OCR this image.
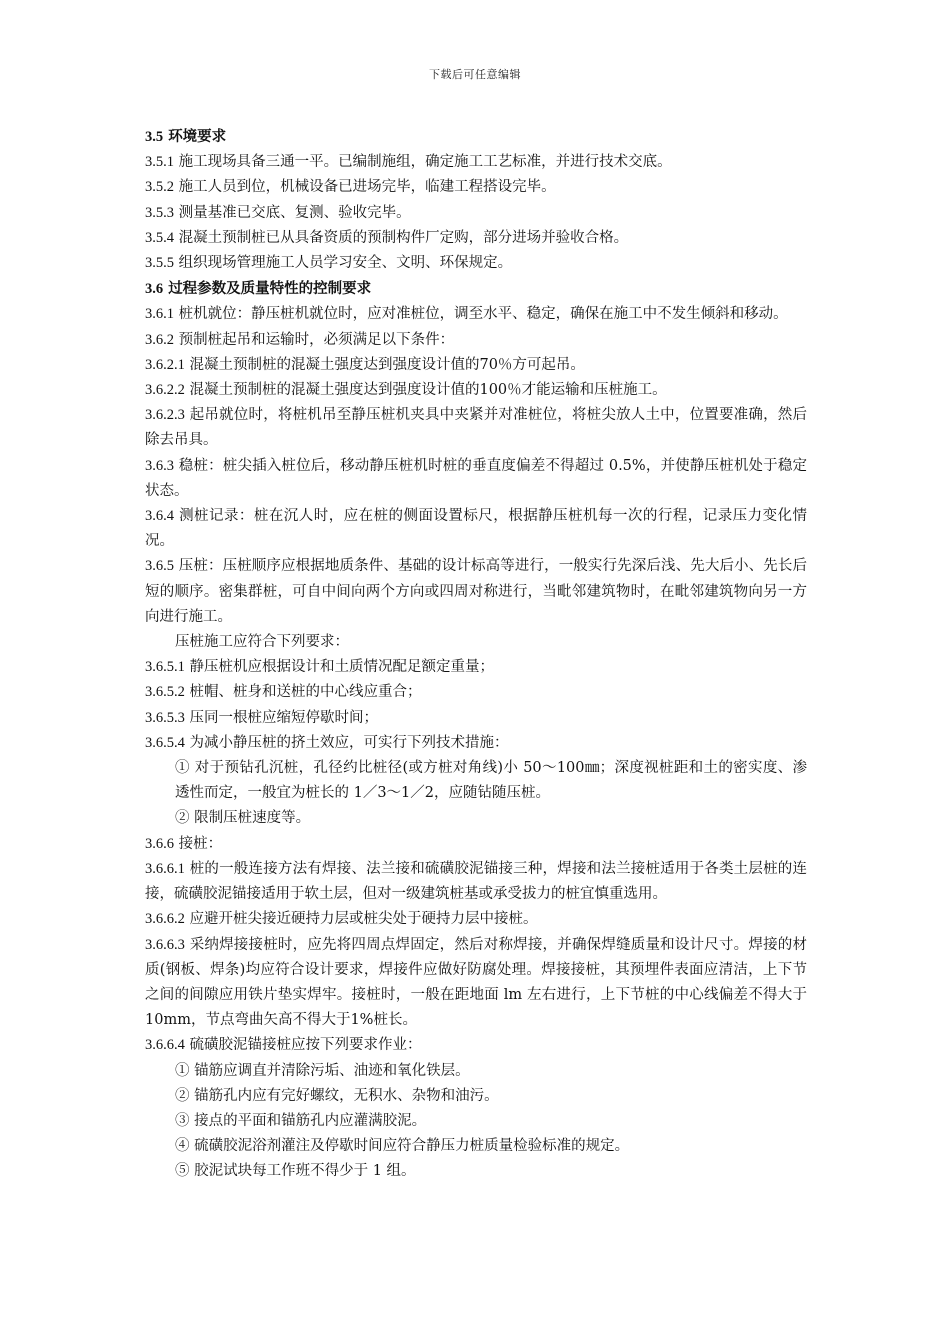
下载后可任意编辑
3.5 环境要求
3.5.1 施工现场具备三通一平。已编制施组，确定施工工艺标准，并进行技术交底。
3.5.2 施工人员到位，机械设备已进场完毕，临建工程搭设完毕。
3.5.3 测量基准已交底、复测、验收完毕。
3.5.4 混凝土预制桩已从具备资质的预制构件厂定购，部分进场并验收合格。
3.5.5 组织现场管理施工人员学习安全、文明、环保规定。
3.6 过程参数及质量特性的控制要求
3.6.1 桩机就位：静压桩机就位时，应对准桩位，调至水平、稳定，确保在施工中不发生倾斜和移动。
3.6.2 预制桩起吊和运输时，必须满足以下条件：
3.6.2.1 混凝土预制桩的混凝土强度达到强度设计值的70％方可起吊。
3.6.2.2 混凝土预制桩的混凝土强度达到强度设计值的100％才能运输和压桩施工。
3.6.2.3 起吊就位时，将桩机吊至静压桩机夹具中夹紧并对准桩位，将桩尖放人土中，位置要准确，然后除去吊具。
3.6.3 稳桩：桩尖插入桩位后，移动静压桩机时桩的垂直度偏差不得超过 0.5%，并使静压桩机处于稳定状态。
3.6.4 测桩记录：桩在沉人时，应在桩的侧面设置标尺，根据静压桩机每一次的行程，记录压力变化情况。
3.6.5 压桩：压桩顺序应根据地质条件、基础的设计标高等进行，一般实行先深后浅、先大后小、先长后短的顺序。密集群桩，可自中间向两个方向或四周对称进行，当毗邻建筑物时，在毗邻建筑物向另一方向进行施工。
压桩施工应符合下列要求：
3.6.5.1 静压桩机应根据设计和土质情况配足额定重量；
3.6.5.2 桩帽、桩身和送桩的中心线应重合；
3.6.5.3 压同一根桩应缩短停歇时间；
3.6.5.4 为减小静压桩的挤土效应，可实行下列技术措施：
① 对于预钻孔沉桩，孔径约比桩径(或方桩对角线)小 50～100㎜；深度视桩距和土的密实度、渗透性而定，一般宜为桩长的 1／3～1／2，应随钻随压桩。
② 限制压桩速度等。
3.6.6 接桩：
3.6.6.1 桩的一般连接方法有焊接、法兰接和硫磺胶泥锚接三种，焊接和法兰接桩适用于各类土层桩的连接，硫磺胶泥锚接适用于软土层，但对一级建筑桩基或承受拔力的桩宜慎重选用。
3.6.6.2 应避开桩尖接近硬持力层或桩尖处于硬持力层中接桩。
3.6.6.3 采纳焊接接桩时，应先将四周点焊固定，然后对称焊接，并确保焊缝质量和设计尺寸。焊接的材质(钢板、焊条)均应符合设计要求，焊接件应做好防腐处理。焊接接桩，其预埋件表面应清洁，上下节之间的间隙应用铁片垫实焊牢。接桩时，一般在距地面 lm 左右进行，上下节桩的中心线偏差不得大于 10mm，节点弯曲矢高不得大于1%桩长。
3.6.6.4 硫磺胶泥锚接桩应按下列要求作业：
① 锚筋应调直并清除污垢、油迹和氧化铁层。
② 锚筋孔内应有完好螺纹，无积水、杂物和油污。
③ 接点的平面和锚筋孔内应灌满胶泥。
④ 硫磺胶泥浴剂灌注及停歇时间应符合静压力桩质量检验标准的规定。
⑤ 胶泥试块每工作班不得少于 1 组。
